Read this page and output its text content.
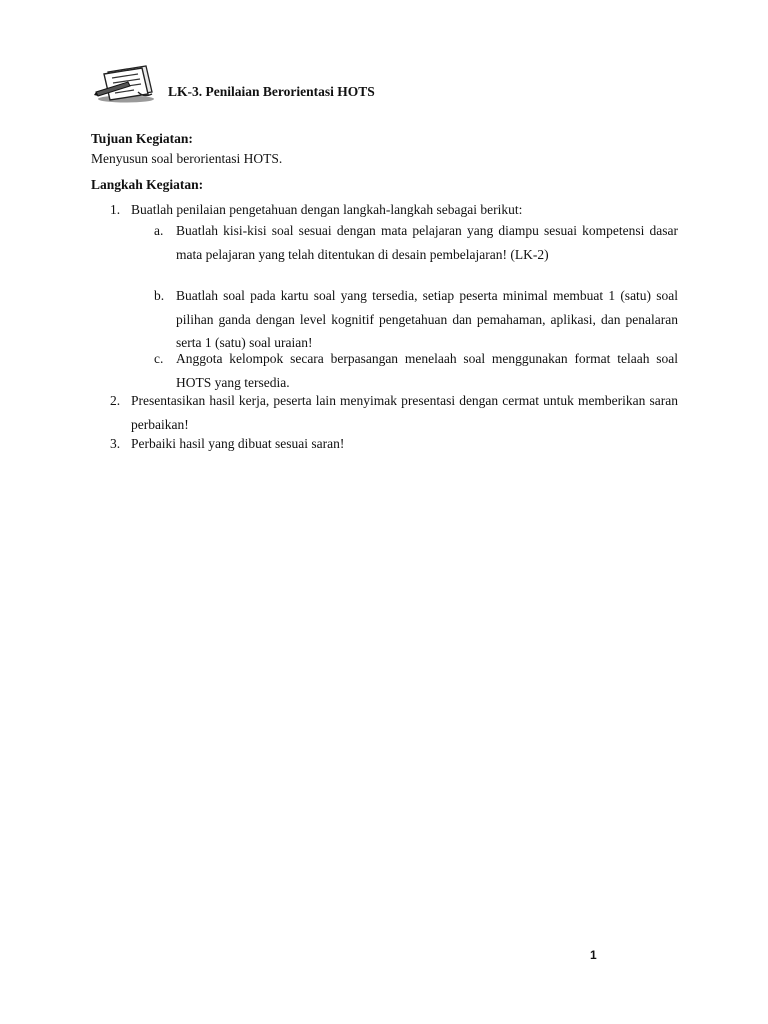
LK-3. Penilaian Berorientasi HOTS
Tujuan Kegiatan:
Menyusun soal berorientasi HOTS.
Langkah Kegiatan:
1. Buatlah penilaian pengetahuan dengan langkah-langkah sebagai berikut:
a. Buatlah kisi-kisi soal sesuai dengan mata pelajaran yang diampu sesuai kompetensi dasar mata pelajaran yang telah ditentukan di desain pembelajaran! (LK-2)
b. Buatlah soal pada kartu soal yang tersedia, setiap peserta minimal membuat 1 (satu) soal pilihan ganda dengan level kognitif pengetahuan dan pemahaman, aplikasi, dan penalaran serta 1 (satu) soal uraian!
c. Anggota kelompok secara berpasangan menelaah soal menggunakan format telaah soal HOTS yang tersedia.
2. Presentasikan hasil kerja, peserta lain menyimak presentasi dengan cermat untuk memberikan saran perbaikan!
3. Perbaiki hasil yang dibuat sesuai saran!
1
